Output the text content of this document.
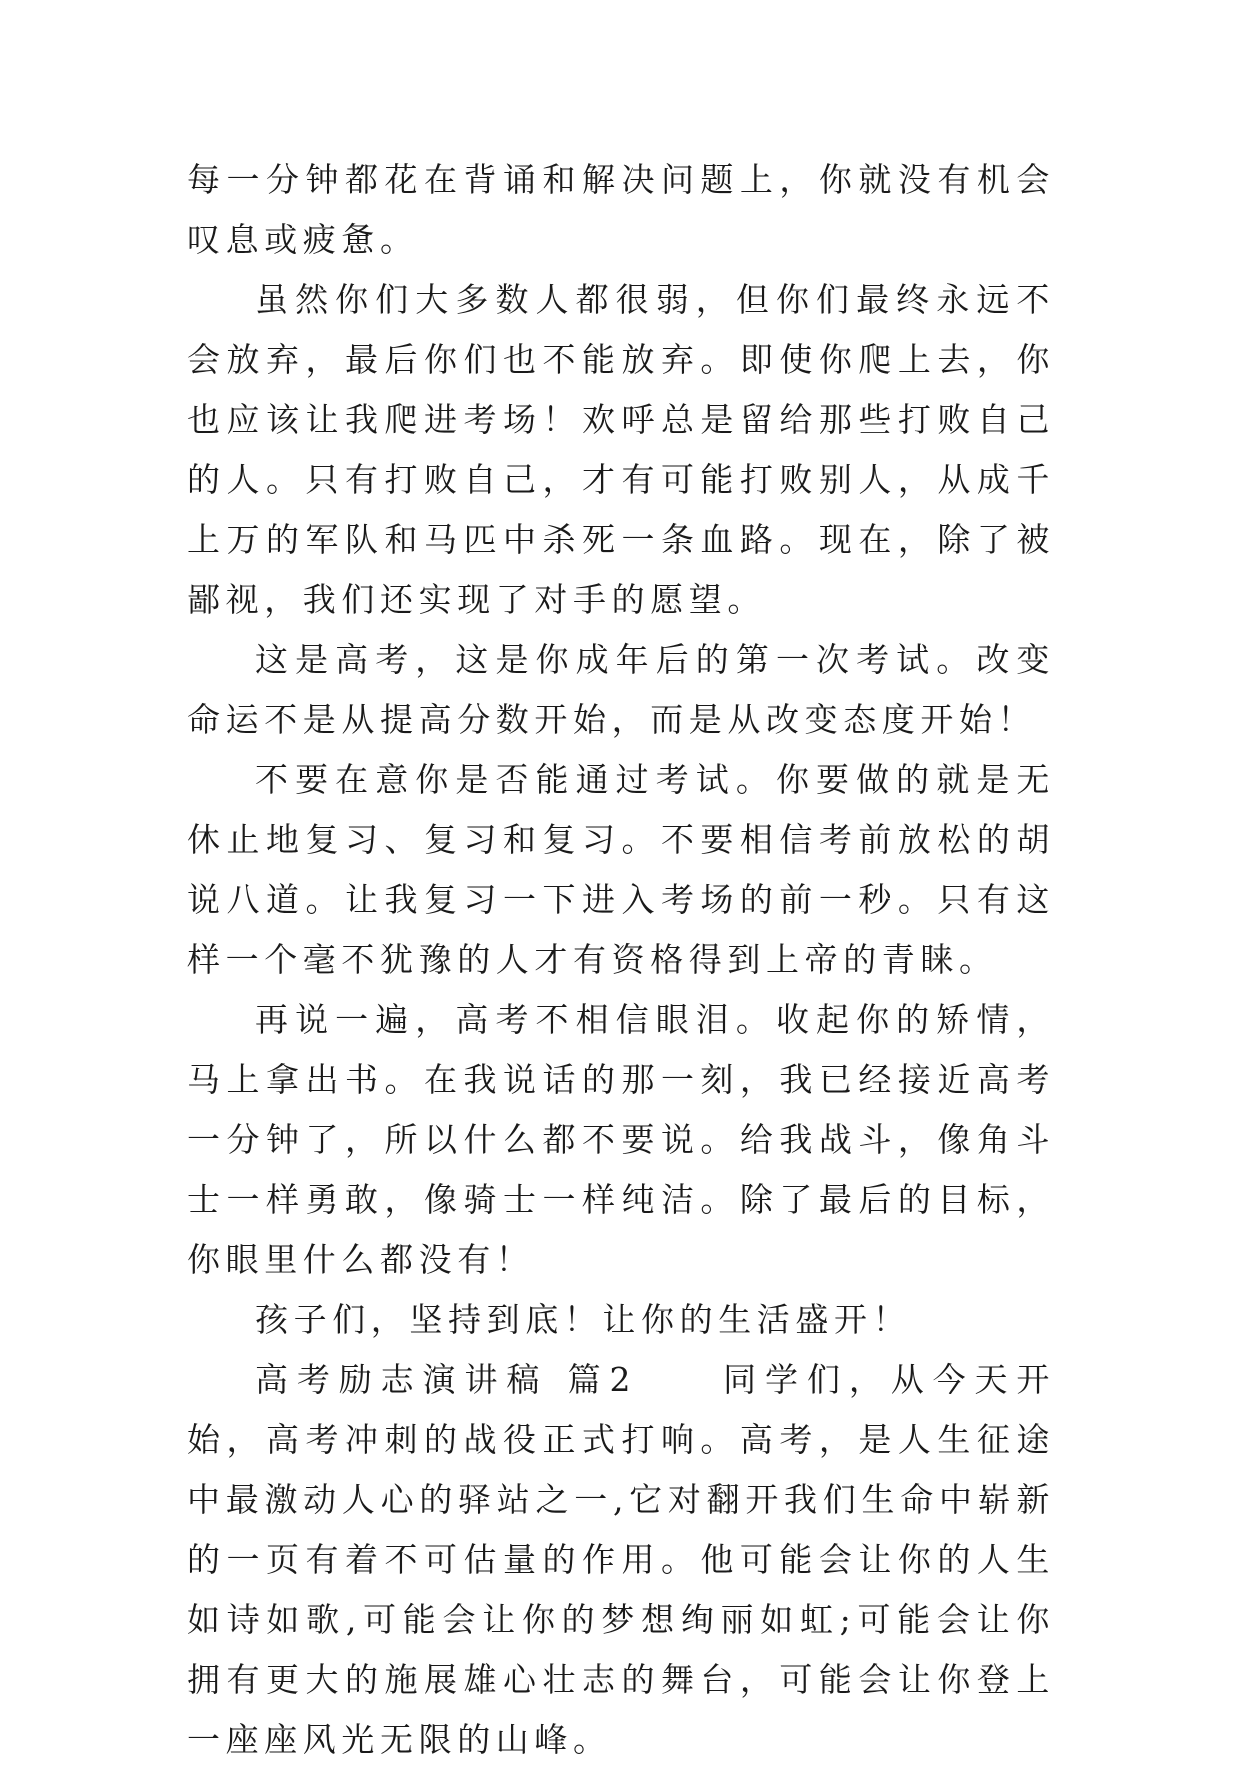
每一分钟都花在背诵和解决问题上，你就没有机会叹息或疲惫。

虽然你们大多数人都很弱，但你们最终永远不会放弃，最后你们也不能放弃。即使你爬上去，你也应该让我爬进考场！欢呼总是留给那些打败自己的人。只有打败自己，才有可能打败别人，从成千上万的军队和马匹中杀死一条血路。现在，除了被鄙视，我们还实现了对手的愿望。

这是高考，这是你成年后的第一次考试。改变命运不是从提高分数开始，而是从改变态度开始！

不要在意你是否能通过考试。你要做的就是无休止地复习、复习和复习。不要相信考前放松的胡说八道。让我复习一下进入考场的前一秒。只有这样一个毫不犹豫的人才有资格得到上帝的青睐。

再说一遍，高考不相信眼泪。收起你的矫情，马上拿出书。在我说话的那一刻，我已经接近高考一分钟了，所以什么都不要说。给我战斗，像角斗士一样勇敢，像骑士一样纯洁。除了最后的目标，你眼里什么都没有！

孩子们，坚持到底！让你的生活盛开！

高考励志演讲稿 篇2　　同学们，从今天开始，高考冲刺的战役正式打响。高考，是人生征途中最激动人心的驿站之一,它对翻开我们生命中崭新的一页有着不可估量的作用。他可能会让你的人生如诗如歌,可能会让你的梦想绚丽如虹;可能会让你拥有更大的施展雄心壮志的舞台，可能会让你登上一座座风光无限的山峰。
